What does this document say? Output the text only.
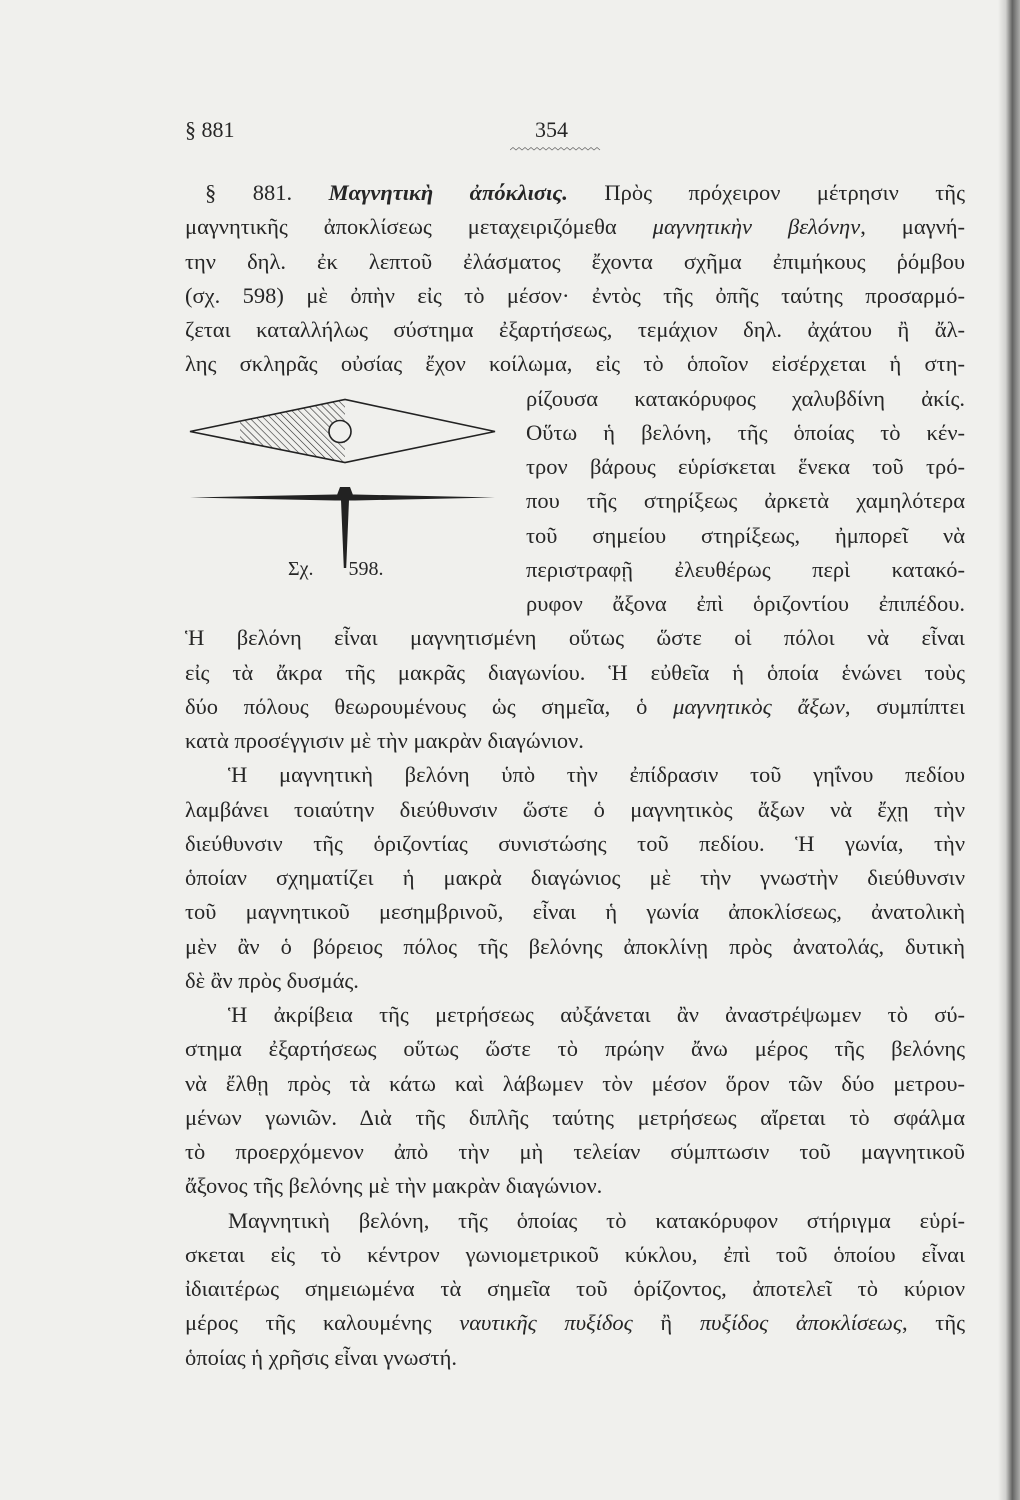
§ 881	354
§ 881. Μαγνητικὴ ἀπόκλισις. Πρὸς πρόχειρον μέτρησιν τῆς
μαγνητικῆς ἀποκλίσεως μεταχειριζόμεθα μαγνητικὴν βελόνην, μαγνή-
την δηλ. ἐκ λεπτοῦ ἐλάσματος ἔχοντα σχῆμα ἐπιμήκους ῥόμβου
(σχ. 598) μὲ ὀπὴν εἰς τὸ μέσον· ἐντὸς τῆς ὀπῆς ταύτης προσαρμό-
ζεται καταλλήλως σύστημα ἐξαρτήσεως, τεμάχιον δηλ. ἀχάτου ἢ ἄλ-
λης σκληρᾶς οὐσίας ἔχον κοίλωμα, εἰς τὸ ὁποῖον εἰσέρχεται ἡ στη-
Σχ. 598.
ρίζουσα κατακόρυφος χαλυβδίνη ἀκίς.
Οὕτω ἡ βελόνη, τῆς ὁποίας τὸ κέν-
τρον βάρους εὑρίσκεται ἕνεκα τοῦ τρό-
που τῆς στηρίξεως ἀρκετὰ χαμηλότερα
τοῦ σημείου στηρίξεως, ἠμπορεῖ νὰ
περιστραφῇ ἐλευθέρως περὶ κατακό-
ρυφον ἄξονα ἐπὶ ὁριζοντίου ἐπιπέδου.
Ἡ βελόνη εἶναι μαγνητισμένη οὕτως ὥστε οἱ πόλοι νὰ εἶναι
εἰς τὰ ἄκρα τῆς μακρᾶς διαγωνίου. Ἡ εὐθεῖα ἡ ὁποία ἑνώνει τοὺς
δύο πόλους θεωρουμένους ὡς σημεῖα, ὁ μαγνητικὸς ἄξων, συμπίπτει
κατὰ προσέγγισιν μὲ τὴν μακρὰν διαγώνιον.
Ἡ μαγνητικὴ βελόνη ὑπὸ τὴν ἐπίδρασιν τοῦ γηΐνου πεδίου
λαμβάνει τοιαύτην διεύθυνσιν ὥστε ὁ μαγνητικὸς ἄξων νὰ ἔχῃ τὴν
διεύθυνσιν τῆς ὁριζοντίας συνιστώσης τοῦ πεδίου. Ἡ γωνία, τὴν
ὁποίαν σχηματίζει ἡ μακρὰ διαγώνιος μὲ τὴν γνωστὴν διεύθυνσιν
τοῦ μαγνητικοῦ μεσημβρινοῦ, εἶναι ἡ γωνία ἀποκλίσεως, ἀνατολικὴ
μὲν ἂν ὁ βόρειος πόλος τῆς βελόνης ἀποκλίνῃ πρὸς ἀνατολάς, δυτικὴ
δὲ ἂν πρὸς δυσμάς.
Ἡ ἀκρίβεια τῆς μετρήσεως αὐξάνεται ἂν ἀναστρέψωμεν τὸ σύ-
στημα ἐξαρτήσεως οὕτως ὥστε τὸ πρώην ἄνω μέρος τῆς βελόνης
νὰ ἔλθῃ πρὸς τὰ κάτω καὶ λάβωμεν τὸν μέσον ὅρον τῶν δύο μετρου-
μένων γωνιῶν. Διὰ τῆς διπλῆς ταύτης μετρήσεως αἴρεται τὸ σφάλμα
τὸ προερχόμενον ἀπὸ τὴν μὴ τελείαν σύμπτωσιν τοῦ μαγνητικοῦ
ἄξονος τῆς βελόνης μὲ τὴν μακρὰν διαγώνιον.
Μαγνητικὴ βελόνη, τῆς ὁποίας τὸ κατακόρυφον στήριγμα εὑρί-
σκεται εἰς τὸ κέντρον γωνιομετρικοῦ κύκλου, ἐπὶ τοῦ ὁποίου εἶναι
ἰδιαιτέρως σημειωμένα τὰ σημεῖα τοῦ ὁρίζοντος, ἀποτελεῖ τὸ κύριον
μέρος τῆς καλουμένης ναυτικῆς πυξίδος ἢ πυξίδος ἀποκλίσεως, τῆς
ὁποίας ἡ χρῆσις εἶναι γνωστή.
